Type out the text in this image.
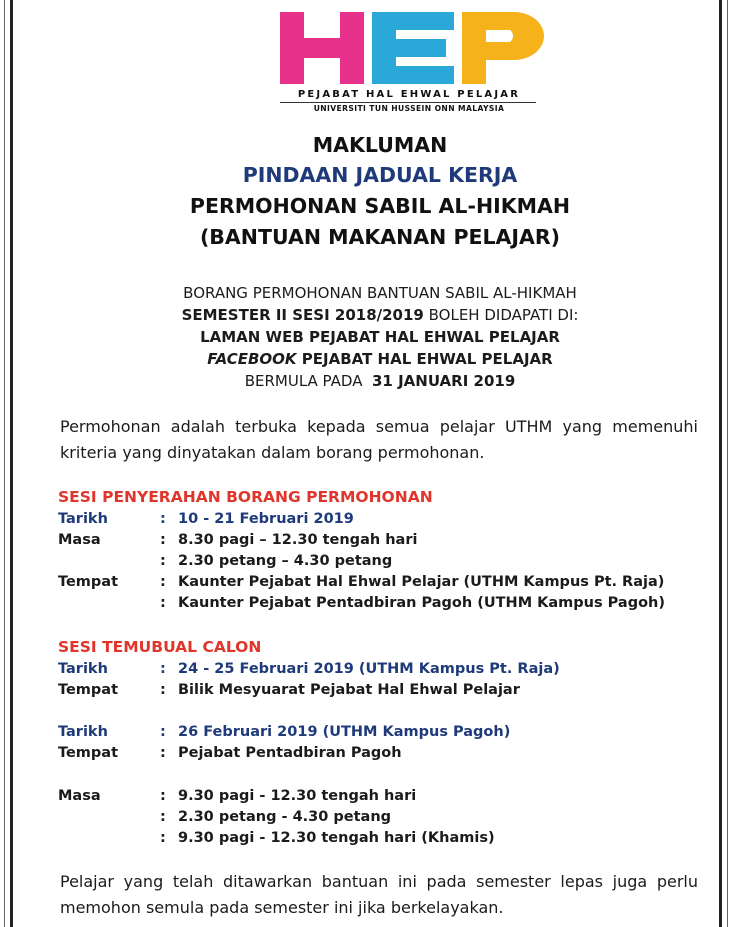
PEJABAT HAL EHWAL PELAJAR
UNIVERSITI TUN HUSSEIN ONN MALAYSIA
MAKLUMAN
PINDAAN JADUAL KERJA
PERMOHONAN SABIL AL-HIKMAH
(BANTUAN MAKANAN PELAJAR)
BORANG PERMOHONAN BANTUAN SABIL AL-HIKMAH
SEMESTER II SESI 2018/2019 BOLEH DIDAPATI DI:
LAMAN WEB PEJABAT HAL EHWAL PELAJAR
FACEBOOK PEJABAT HAL EHWAL PELAJAR
BERMULA PADA  31 JANUARI 2019
Permohonan adalah terbuka kepada semua pelajar UTHM yang memenuhi kriteria yang dinyatakan dalam borang permohonan.
SESI PENYERAHAN BORANG PERMOHONAN
Tarikh	: 10 - 21 Februari 2019
Masa	: 8.30 pagi – 12.30 tengah hari
: 2.30 petang – 4.30 petang
Tempat	: Kaunter Pejabat Hal Ehwal Pelajar (UTHM Kampus Pt. Raja)
: Kaunter Pejabat Pentadbiran Pagoh (UTHM Kampus Pagoh)
SESI TEMUBUAL CALON
Tarikh	: 24 - 25 Februari 2019 (UTHM Kampus Pt. Raja)
Tempat	: Bilik Mesyuarat Pejabat Hal Ehwal Pelajar
Tarikh	: 26 Februari 2019 (UTHM Kampus Pagoh)
Tempat	: Pejabat Pentadbiran Pagoh
Masa	: 9.30 pagi - 12.30 tengah hari
: 2.30 petang - 4.30 petang
: 9.30 pagi - 12.30 tengah hari (Khamis)
Pelajar yang telah ditawarkan bantuan ini pada semester lepas juga perlu memohon semula pada semester ini jika berkelayakan.
